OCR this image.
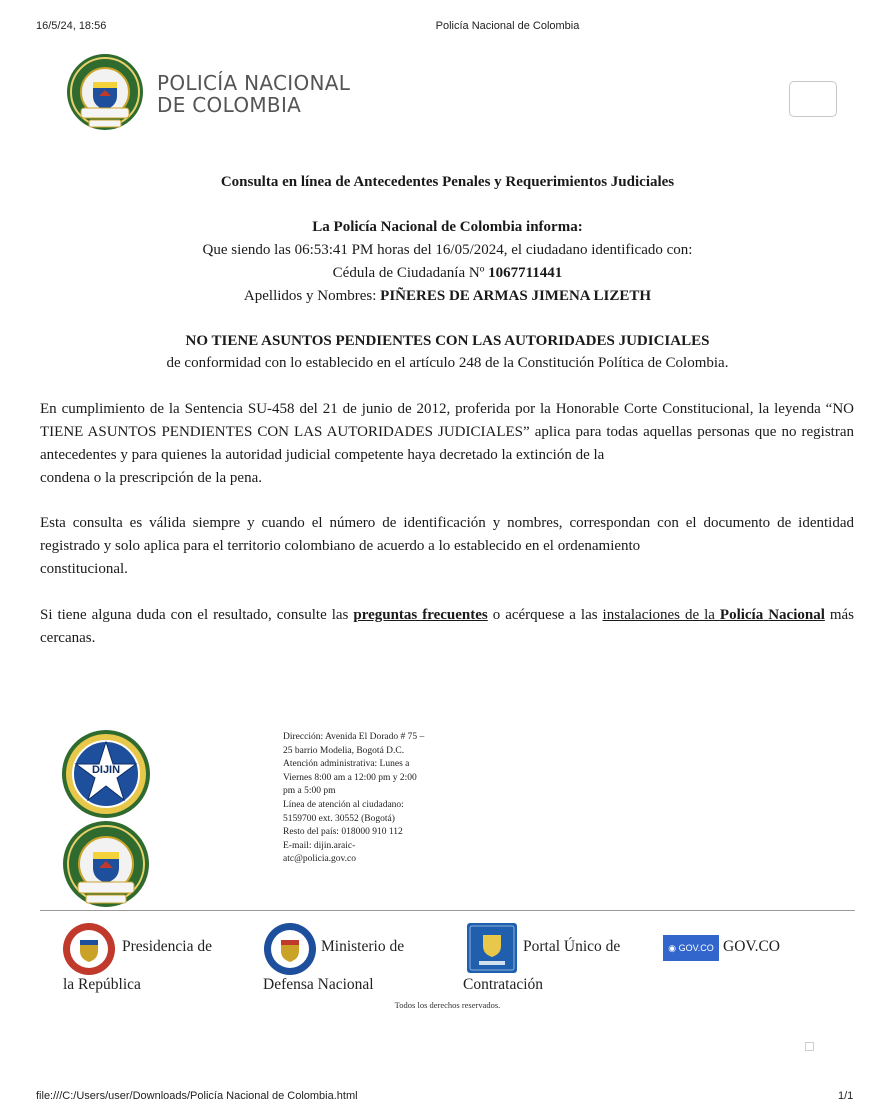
16/5/24, 18:56	Policía Nacional de Colombia
POLICÍA NACIONAL
DE COLOMBIA
Consulta en línea de Antecedentes Penales y Requerimientos Judiciales
La Policía Nacional de Colombia informa:
Que siendo las 06:53:41 PM horas del 16/05/2024, el ciudadano identificado con:
Cédula de Ciudadanía Nº 1067711441
Apellidos y Nombres: PIÑERES DE ARMAS JIMENA LIZETH
NO TIENE ASUNTOS PENDIENTES CON LAS AUTORIDADES JUDICIALES
de conformidad con lo establecido en el artículo 248 de la Constitución Política de Colombia.
En cumplimiento de la Sentencia SU-458 del 21 de junio de 2012, proferida por la Honorable Corte Constitucional, la leyenda “NO TIENE ASUNTOS PENDIENTES CON LAS AUTORIDADES JUDICIALES” aplica para todas aquellas personas que no registran antecedentes y para quienes la autoridad judicial competente haya decretado la extinción de la
condena o la prescripción de la pena.
Esta consulta es válida siempre y cuando el número de identificación y nombres, correspondan con el documento de identidad registrado y solo aplica para el territorio colombiano de acuerdo a lo establecido en el ordenamiento
constitucional.
Si tiene alguna duda con el resultado, consulte las preguntas frecuentes o acérquese a las instalaciones de la Policía Nacional más cercanas.
DIJIN
Dirección: Avenida El Dorado # 75 –
25 barrio Modelia, Bogotá D.C.
Atención administrativa: Lunes a
Viernes 8:00 am a 12:00 pm y 2:00
pm a 5:00 pm
Línea de atención al ciudadano:
5159700 ext. 30552 (Bogotá)
Resto del país: 018000 910 112
E-mail: dijin.araic-
atc@policia.gov.co
Presidencia de
la República
Ministerio de
Defensa Nacional
Portal Único de
Contratación
◉ GOV.CO GOV.CO
Todos los derechos reservados.
file:///C:/Users/user/Downloads/Policía Nacional de Colombia.html	1/1
